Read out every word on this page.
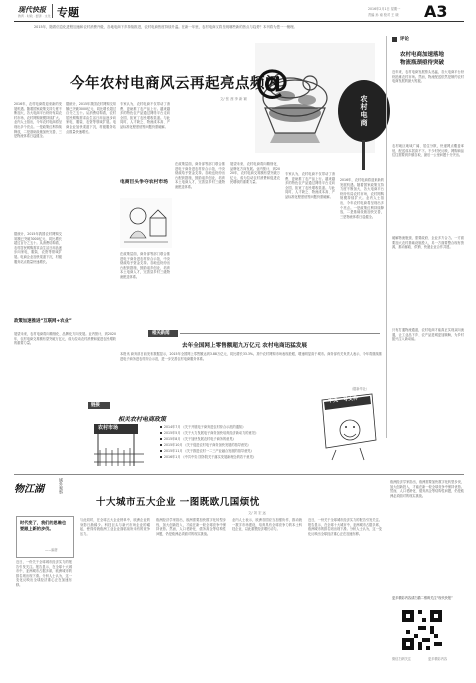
现代快报
教育 · 时政 · 经济 · 文化 专题	2016年2月1日 星期一
责编 孙 南 校对 王 晓 A3
2015年，随着信息化进程加速和农村消费升级，各地电商下乡持续推进，农村电商热度持续升温。在新一年里，农村电商又将呈现哪些新的热点与趋势？本刊将为您一一梳理。
@
农村电商
今年农村电商风云再起亮点频闪
文/ 张 茜 李 新 颖
2016年，农村电商将迎来新的发展机遇。随着国家政策支持力度不断加大，各大电商平台纷纷布局农村市场，农村网购规模持续扩大。业内人士指出，今年农村电商将呈现出多个亮点。一是政策红利持续释放，二是基础设施加快完善，三是物流体系日趋健全。
据统计，2015年我国农村网购交易额已突破3000亿元，同比增长超过百分之五十。从消费结构看，农村居民网购需求由生活日用品逐步向家电、服装、农资等领域扩展。电商企业加快渠道下沉，村级服务站点数量快速增长。
据统计，2015年我国农村网购交易额已突破3000亿元，同比增长超过百分之五十。从消费结构看，农村居民网购需求由生活日用品逐步向家电、服装、农资等领域扩展。电商企业加快渠道下沉，村级服务站点数量快速增长。
专家认为，农村电商不仅带动了消费，更助推了农产品上行。越来越多的特色农产品通过网络平台走向全国，拓宽了农民增收渠道。与此同时，人才缺乏、物流成本高、产品标准化程度低等问题仍需破解。
在政策层面，商务部等部门联合推进电子商务进农村综合示范，中央财政给予资金支持。各地也纷纷出台配套措施，鼓励返乡创业，培育本土电商人才，完善县乡村三级物流配送体系。
展望未来，农村电商将向精细化、品牌化方向发展。业内预计，到2020年，农村电商交易额有望突破万亿元，成为拉动农村消费和促进农民增收的重要力量。
专家认为，农村电商不仅带动了消费，更助推了农产品上行。越来越多的特色农产品通过网络平台走向全国，拓宽了农民增收渠道。与此同时，人才缺乏、物流成本高、产品标准化程度低等问题仍需破解。
2016年，农村电商将迎来新的发展机遇。随着国家政策支持力度不断加大，各大电商平台纷纷布局农村市场，农村网购规模持续扩大。业内人士指出，今年农村电商将呈现出多个亮点。一是政策红利持续释放，二是基础设施加快完善，三是物流体系日趋健全。
电商巨头争夺农村市场
在政策层面，商务部等部门联合推进电子商务进农村综合示范，中央财政给予资金支持。各地也纷纷出台配套措施，鼓励返乡创业，培育本土电商人才，完善县乡村三级物流配送体系。
政策加速推进“互联网+农业”
展望未来，农村电商将向精细化、品牌化方向发展。业内预计，到2020年，农村电商交易额有望突破万亿元，成为拉动农村消费和促进农民增收的重要力量。
评论
农村电商加速落地
物流瓶颈亟待突破
近年来，农村电商发展势头迅猛，各大电商平台纷纷抢滩农村市场。然而，物流配送依然是制约农村电商发展的最大短板。
农村地区地域广阔、居住分散，快递网点覆盖率低，配送成本居高不下。不少村民反映，网购商品往往需要到乡镇自取，最后一公里问题十分突出。
破解物流瓶颈，需要政府、企业多方合力。一方面要加大农村基础设施投入，另一方面要整合现有资源，推动邮政、供销、快递企业合作共建。
只有打通物流通道，农村电商才能真正实现双向流通，让工业品下乡、农产品进城更加顺畅，为乡村振兴注入新动能。
相关新闻
去年全国网上零售额超九万亿元 农村电商迅猛发展
本报讯 商务部日前发布数据显示，2015年全国网上零售额达到3.88万亿元，同比增长33.3%。其中农村网购市场表现抢眼，增速明显高于城市。商务部有关负责人表示，今年将继续推进电子商务进农村综合示范，进一步完善农村电商服务体系。
（据新华社）
链接
相关农村电商政策
2014年7月 《关于开展电子商务进农村综合示范的通知》
2015年5月 《关于大力发展电子商务加快培育经济新动力的意见》
2015年8月 《关于加快发展农村电子商务的意见》
2015年10月 《关于促进农村电子商务加快发展的指导意见》
2015年11月 《关于推进农村一二三产业融合发展的指导意见》
2016年1月 《中共中央 国务院关于落实发展新理念的若干意见》
中央一号文件
农村市场
物江湖	域外观察
十大城市五大企业 一图既欧几国烦忧
文/ 刘 宏 远
时代变了，我们的思维也要跟上新的步伐。
——编者
近日，一份关于全球城市经济实力的报告引发关注。报告显示，在全球十大城市中，亚洲城市占据多席，欧洲城市的排名则出现下滑。分析人士认为，这一变化反映出全球经济重心正在加速东移。
与此同时，在全球五大企业榜单中，欧洲企业的身影日渐稀少。科技巨头与新兴市场企业的崛起，使得传统欧洲工业企业面临前所未有的竞争压力。
欧洲经济学家指出，欧洲需要加快数字化转型步伐，加大创新投入，才能在新一轮全球竞争中保持优势。然而，人口老龄化、债务高企等结构性问题，仍是欧洲必须面对的现实挑战。
业内人士表示，欧洲各国应当加强协作，推动统一数字市场建设，培育具有全球竞争力的本土科技企业，以此重塑经济增长动力。
近日，一份关于全球城市经济实力的报告引发关注。报告显示，在全球十大城市中，亚洲城市占据多席，欧洲城市的排名则出现下滑。分析人士认为，这一变化反映出全球经济重心正在加速东移。
欧洲经济学家指出，欧洲需要加快数字化转型步伐，加大创新投入，才能在新一轮全球竞争中保持优势。然而，人口老龄化、债务高企等结构性问题，仍是欧洲必须面对的现实挑战。
更多精彩内容请扫描二维码关注“现代快报”
微信扫码关注	更多精彩内容
